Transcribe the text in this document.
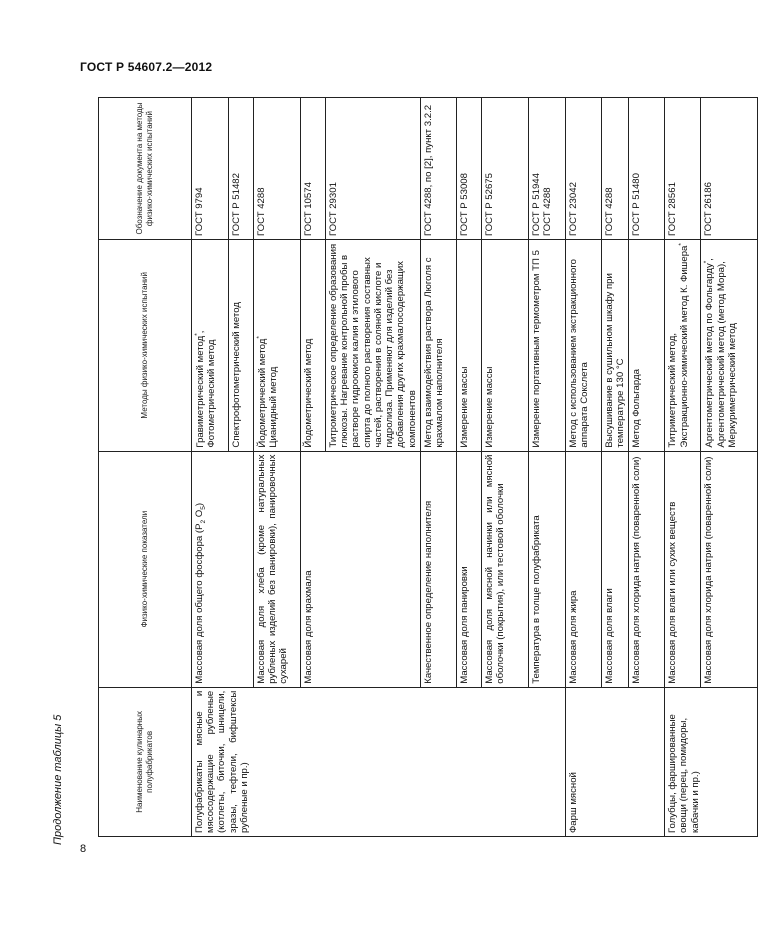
ГОСТ Р 54607.2—2012
8
Продолжение таблицы 5	Наименование кулинарных полуфабрикатов	Физико-химические показатели	Методы физико-химических испытаний	Обозначение документа на методы физико-химических испытаний
Полуфабрикаты мясные и мясосодержащие рубленые (котлеты, биточки, шницели, зразы, тефтели, бифштексы рубленые и пр.)	Массовая доля общего фосфора ($Р_2$ $О_5$)	Гравиметрический метод*,
Фотометрический метод	ГОСТ 9794
		Спектрофотометрический метод	ГОСТ Р 51482
	Массовая доля хлеба (кроме натуральных рубленых изделий без панировки), панировочных сухарей	Йодометрический метод*
Цианидный метод	ГОСТ 4288
	Массовая доля крахмала	Йодометрический метод	ГОСТ 10574
		Титрометрическое определение образования глюкозы. Нагревание контрольной пробы в растворе гидроокиси калия и этилового спирта до полного растворения составных частей, растворения в соляной кислоте и гидролиза. Применяют для изделий без добавления других крахмалосодержащих компонентов	ГОСТ 29301
	Качественное определение наполнителя	Метод взаимодействия раствора Люголя с крахмалом наполнителя	ГОСТ 4288, по [2], пункт 3.2.2
	Массовая доля панировки	Измерение массы	ГОСТ Р 53008
	Массовая доля мясной начинки или мясной оболочки (покрытия), или тестовой оболочки	Измерение массы	ГОСТ Р 52675
	Температура в толще полуфабриката	Измерение портативным термометром ТП 5	ГОСТ Р 51944
ГОСТ 4288
Фарш мясной	Массовая доля жира	Метод с использованием экстракционного аппарата Сокслета	ГОСТ 23042
	Массовая доля влаги	Высушивание в сушильном шкафу при температуре 130 °С	ГОСТ 4288
	Массовая доля хлорида натрия (поваренной соли)	Метод Фольгарда	ГОСТ Р 51480
Голубцы, фаршированные овощи (перец, помидоры, кабачки и пр.)	Массовая доля влаги или сухих веществ	Титриметрический метод,
Экстракционно-химический метод К. Фишера*	ГОСТ 28561
	Массовая доля хлорида натрия (поваренной соли)	Аргентометрический метод по Фольгарду*,
Аргентометрический метод (метод Мора),
Меркуриметрический метод	ГОСТ 26186
